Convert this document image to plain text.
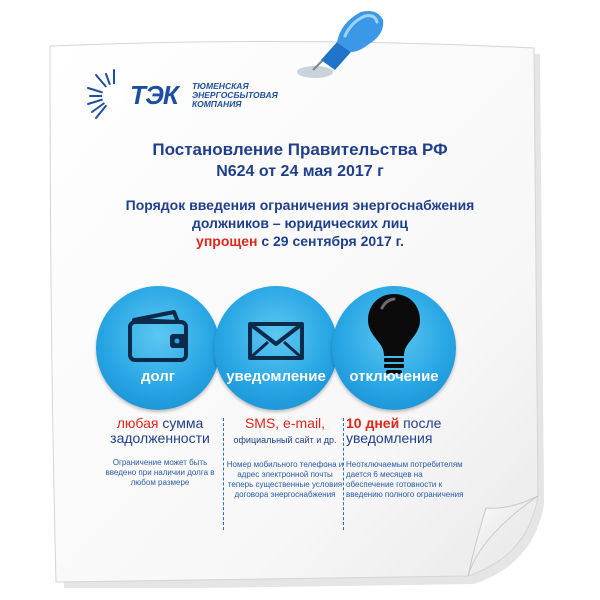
ТЭК ТЮМЕНСКАЯ
ЭНЕРГОСБЫТОВАЯ
КОМПАНИЯ
Постановление Правительства РФ
N624 от 24 мая 2017 г
Порядок введения ограничения энергоснабжения
должников – юридических лиц
упрощен с 29 сентября 2017 г.
долг	уведомление	отключение
любая сумма
задолженности
Ограничение может быть введено при наличии долга в любом размере
SMS, e-mail,
официальный сайт и др.
Номер мобильного телефона и адрес электронной почты теперь существенные условия договора энергоснабжения
10 дней после
уведомления
Неотключаемым потребителям дается 6 месяцев на обеспечение готовности к введению полного ограничения
